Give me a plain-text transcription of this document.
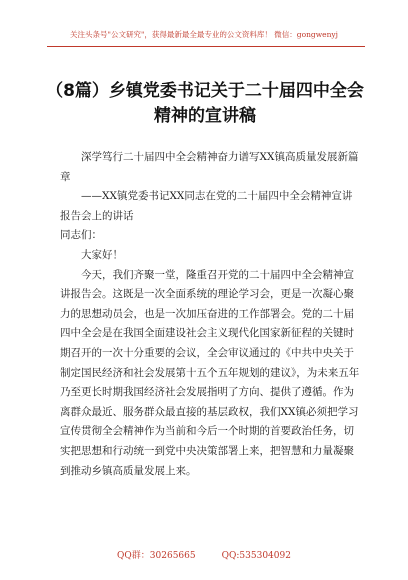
关注头条号"公文研究"，获得最新最全最专业的公文资料库！ 微信：gongwenyj
（8篇）乡镇党委书记关于二十届四中全会精神的宣讲稿

深学笃行二十届四中全会精神奋力谱写XX镇高质量发展新篇章

——XX镇党委书记XX同志在党的二十届四中全会精神宣讲报告会上的讲话

同志们：

大家好！

今天，我们齐聚一堂，隆重召开党的二十届四中全会精神宣讲报告会。这既是一次全面系统的理论学习会，更是一次凝心聚力的思想动员会，也是一次加压奋进的工作部署会。党的二十届四中全会是在我国全面建设社会主义现代化国家新征程的关键时期召开的一次十分重要的会议，全会审议通过的《中共中央关于制定国民经济和社会发展第十五个五年规划的建议》，为未来五年乃至更长时期我国经济社会发展指明了方向、提供了遵循。作为离群众最近、服务群众最直接的基层政权，我们XX镇必须把学习宣传贯彻全会精神作为当前和今后一个时期的首要政治任务，切实把思想和行动统一到党中央决策部署上来，把智慧和力量凝聚到推动乡镇高质量发展上来。

QQ群：30265665	QQ:535304092
